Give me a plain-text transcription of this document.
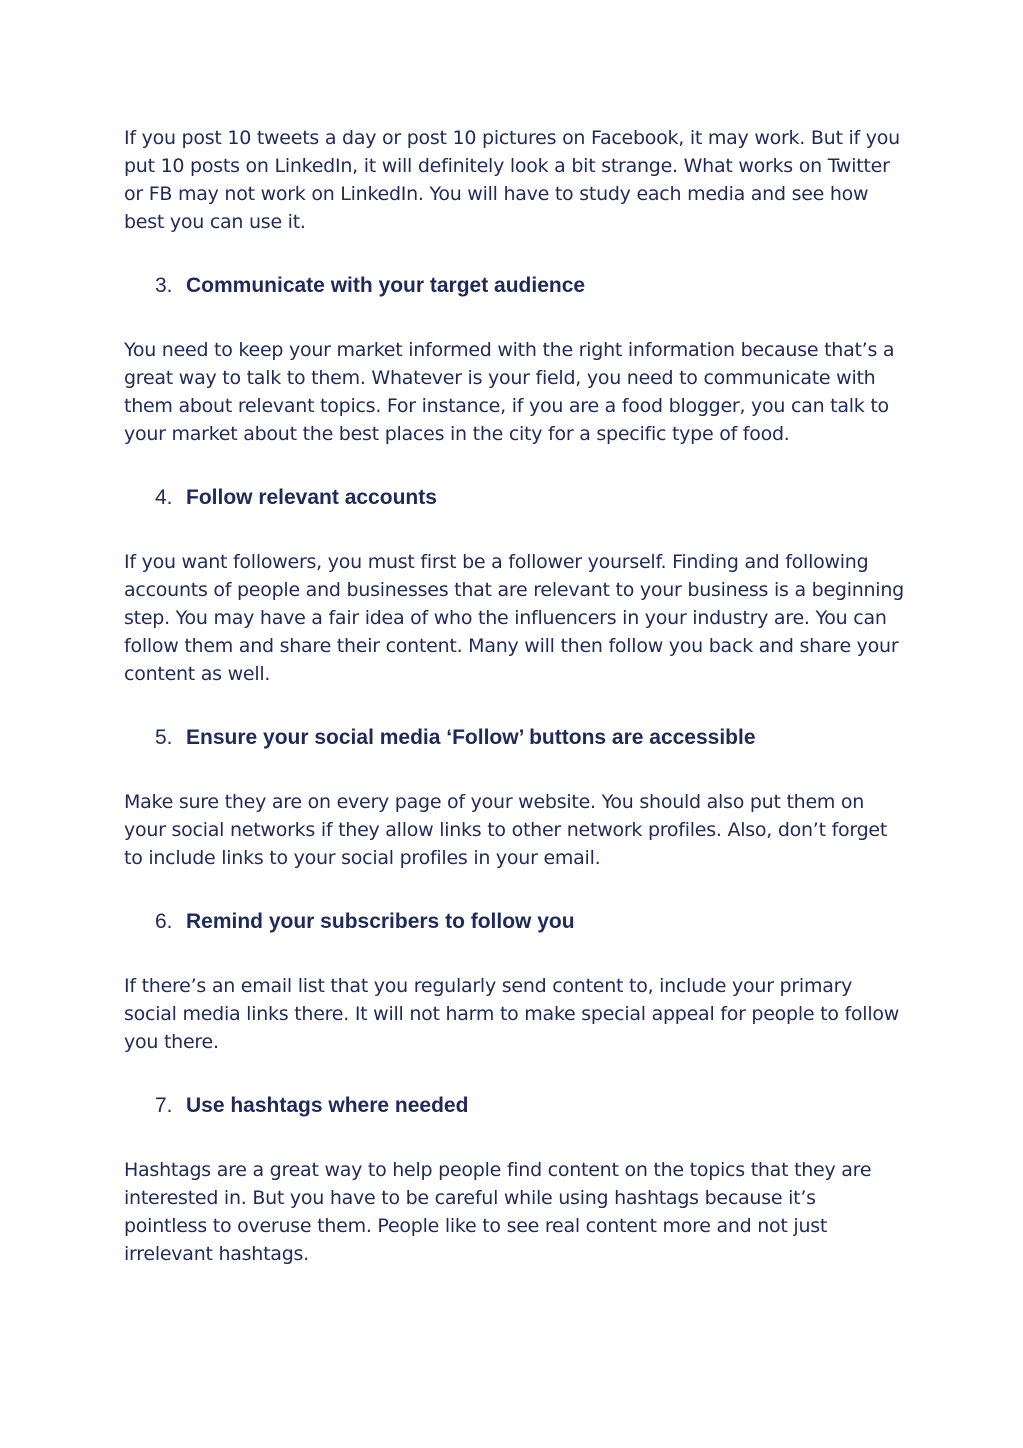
If you post 10 tweets a day or post 10 pictures on Facebook, it may work. But if you put 10 posts on LinkedIn, it will definitely look a bit strange. What works on Twitter or FB may not work on LinkedIn. You will have to study each media and see how best you can use it.

3. Communicate with your target audience

You need to keep your market informed with the right information because that’s a great way to talk to them. Whatever is your field, you need to communicate with them about relevant topics. For instance, if you are a food blogger, you can talk to your market about the best places in the city for a specific type of food.

4. Follow relevant accounts

If you want followers, you must first be a follower yourself. Finding and following accounts of people and businesses that are relevant to your business is a beginning step. You may have a fair idea of who the influencers in your industry are. You can follow them and share their content. Many will then follow you back and share your content as well.

5. Ensure your social media ‘Follow’ buttons are accessible

Make sure they are on every page of your website. You should also put them on your social networks if they allow links to other network profiles. Also, don’t forget to include links to your social profiles in your email.

6. Remind your subscribers to follow you

If there’s an email list that you regularly send content to, include your primary social media links there. It will not harm to make special appeal for people to follow you there.

7. Use hashtags where needed

Hashtags are a great way to help people find content on the topics that they are interested in. But you have to be careful while using hashtags because it’s pointless to overuse them. People like to see real content more and not just irrelevant hashtags.
